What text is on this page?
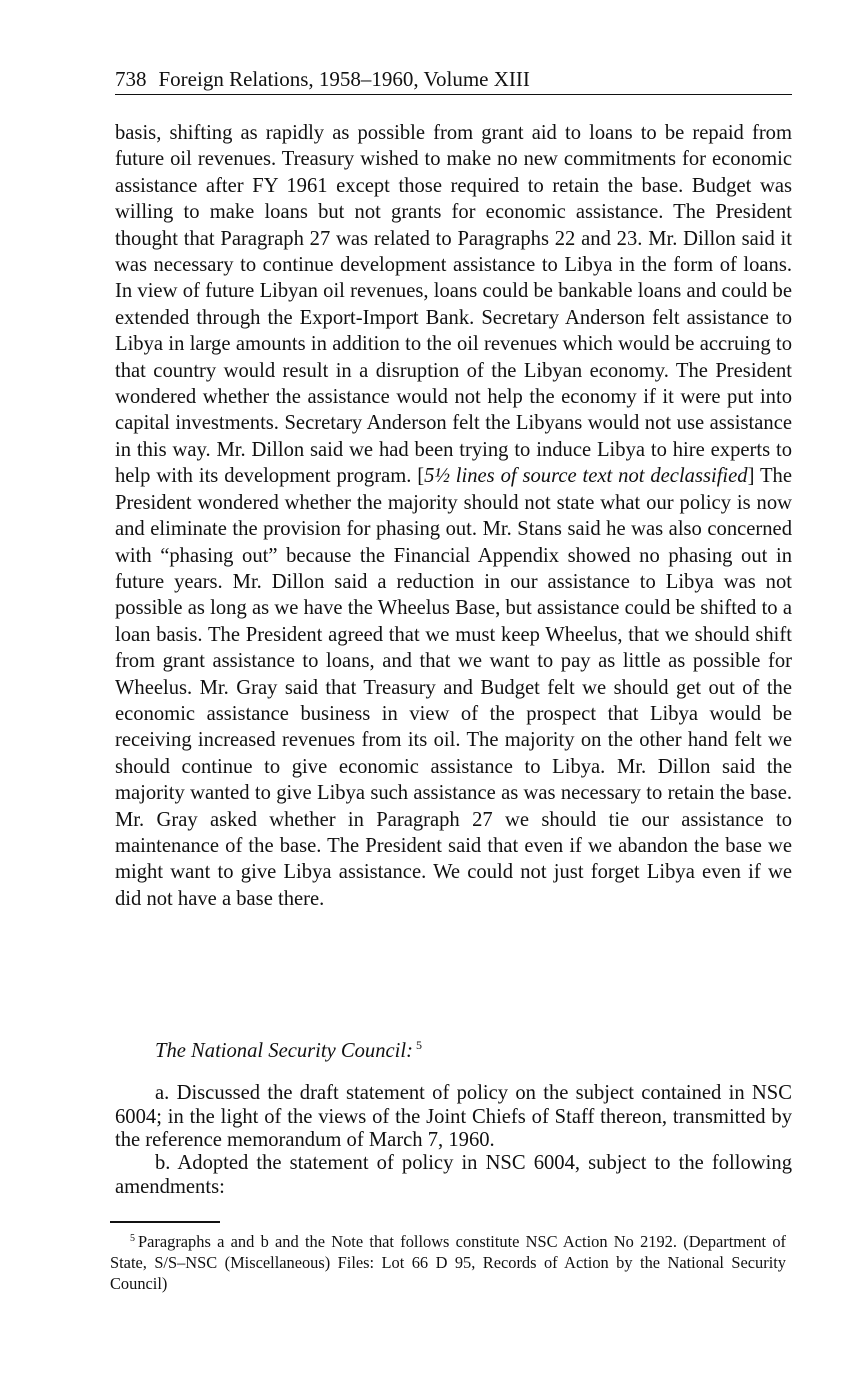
738 Foreign Relations, 1958–1960, Volume XIII

basis, shifting as rapidly as possible from grant aid to loans to be repaid from future oil revenues. Treasury wished to make no new commitments for economic assistance after FY 1961 except those required to retain the base. Budget was willing to make loans but not grants for economic assistance. The President thought that Paragraph 27 was related to Paragraphs 22 and 23. Mr. Dillon said it was necessary to continue development assistance to Libya in the form of loans. In view of future Libyan oil revenues, loans could be bankable loans and could be extended through the Export-Import Bank. Secretary Anderson felt assistance to Libya in large amounts in addition to the oil revenues which would be accruing to that country would result in a disruption of the Libyan economy. The President wondered whether the assistance would not help the economy if it were put into capital investments. Secretary Anderson felt the Libyans would not use assistance in this way. Mr. Dillon said we had been trying to induce Libya to hire experts to help with its development program. [5½ lines of source text not declassified] The President wondered whether the majority should not state what our policy is now and eliminate the provision for phasing out. Mr. Stans said he was also concerned with “phasing out” because the Financial Appendix showed no phasing out in future years. Mr. Dillon said a reduction in our assistance to Libya was not possible as long as we have the Wheelus Base, but assistance could be shifted to a loan basis. The President agreed that we must keep Wheelus, that we should shift from grant assistance to loans, and that we want to pay as little as possible for Wheelus. Mr. Gray said that Treasury and Budget felt we should get out of the economic assistance business in view of the prospect that Libya would be receiving increased revenues from its oil. The majority on the other hand felt we should continue to give economic assistance to Libya. Mr. Dillon said the majority wanted to give Libya such assistance as was necessary to retain the base. Mr. Gray asked whether in Paragraph 27 we should tie our assistance to maintenance of the base. The President said that even if we abandon the base we might want to give Libya assistance. We could not just forget Libya even if we did not have a base there.

The National Security Council: $^5$

a. Discussed the draft statement of policy on the subject contained in NSC 6004; in the light of the views of the Joint Chiefs of Staff thereon, transmitted by the reference memorandum of March 7, 1960.

b. Adopted the statement of policy in NSC 6004, subject to the following amendments:

$^5$ Paragraphs a and b and the Note that follows constitute NSC Action No 2192. (Department of State, S/S–NSC (Miscellaneous) Files: Lot 66 D 95, Records of Action by the National Security Council)
